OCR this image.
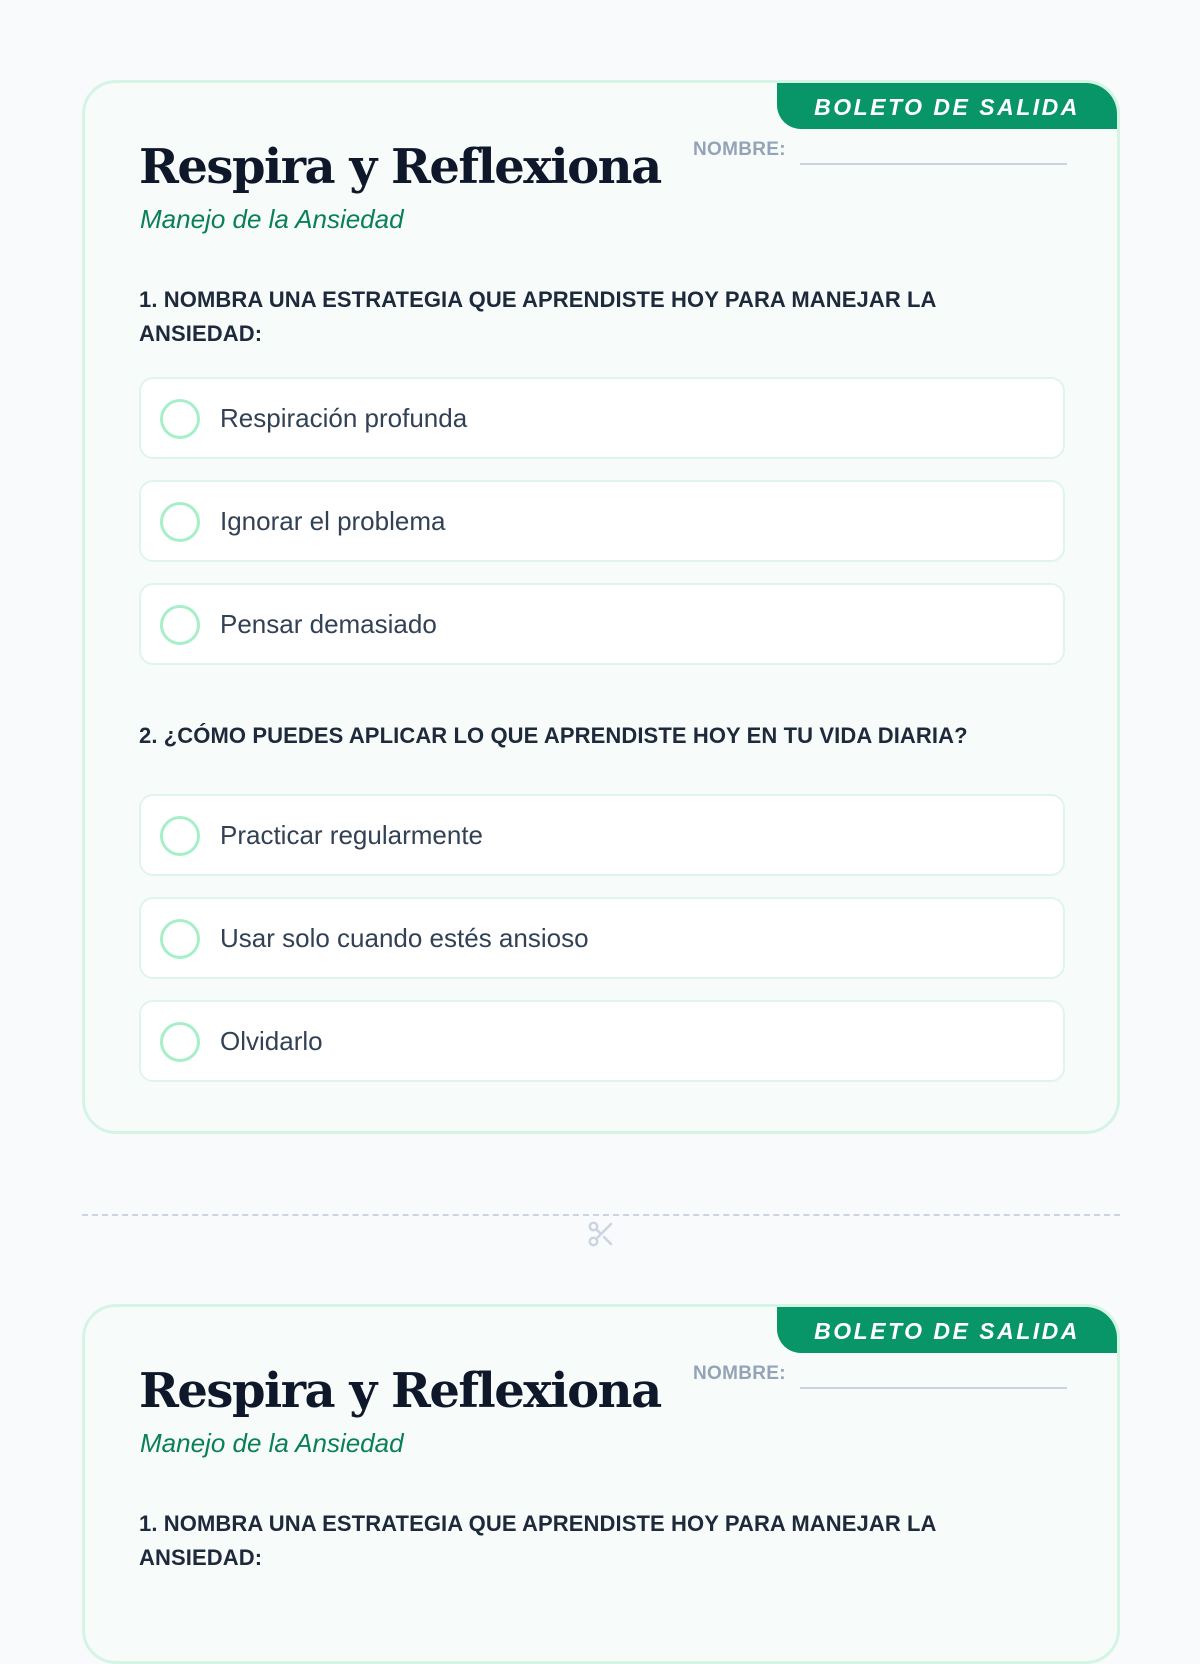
BOLETO DE SALIDA
NOMBRE:
Respira y Reflexiona

Manejo de la Ansiedad

1. NOMBRA UNA ESTRATEGIA QUE APRENDISTE HOY PARA MANEJAR LA ANSIEDAD:

Respiración profunda
Ignorar el problema
Pensar demasiado

2. ¿CÓMO PUEDES APLICAR LO QUE APRENDISTE HOY EN TU VIDA DIARIA?

Practicar regularmente
Usar solo cuando estés ansioso
Olvidarlo
BOLETO DE SALIDA
NOMBRE:
Respira y Reflexiona

Manejo de la Ansiedad

1. NOMBRA UNA ESTRATEGIA QUE APRENDISTE HOY PARA MANEJAR LA ANSIEDAD:
